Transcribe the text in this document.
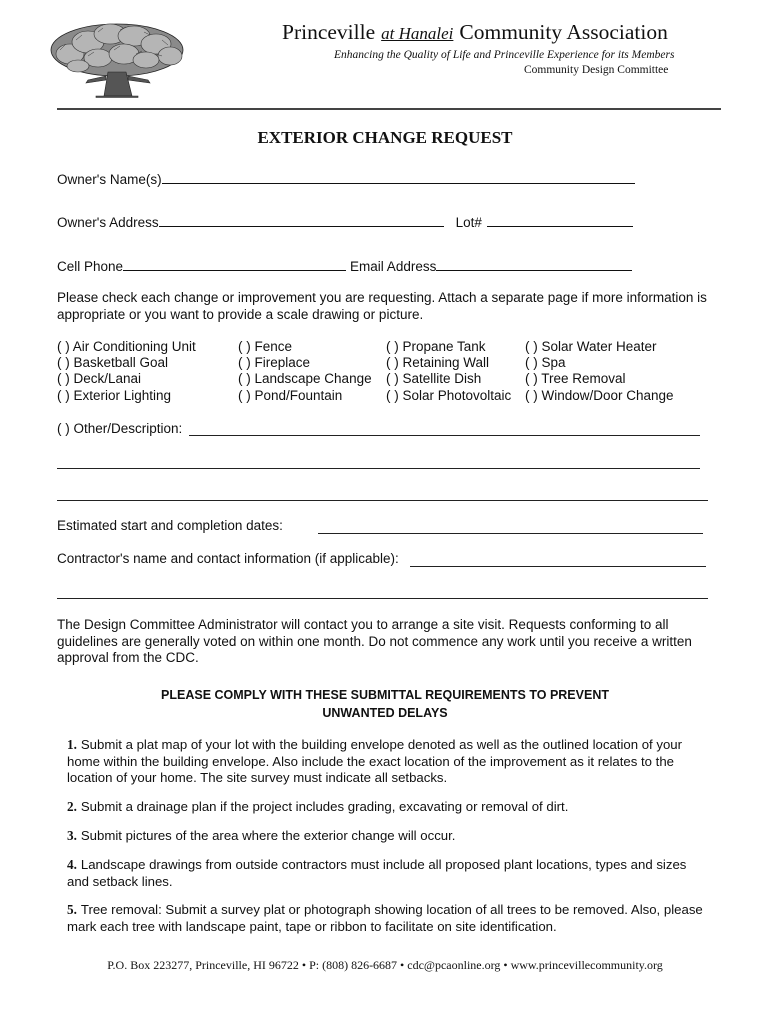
Princeville at Hanalei Community Association
Enhancing the Quality of Life and Princeville Experience for its Members
Community Design Committee
EXTERIOR CHANGE REQUEST
Owner's Name(s)
Owner's Address	Lot#
Cell Phone	Email Address
Please check each change or improvement you are requesting. Attach a separate page if more information is appropriate or you want to provide a scale drawing or picture.
( ) Air Conditioning Unit
( ) Basketball Goal
( ) Deck/Lanai
( ) Exterior Lighting
( ) Fence
( ) Fireplace
( ) Landscape Change
( ) Pond/Fountain
( ) Propane Tank
( ) Retaining Wall
( ) Satellite Dish
( ) Solar Photovoltaic
( ) Solar Water Heater
( ) Spa
( ) Tree Removal
( ) Window/Door Change
( ) Other/Description:
Estimated start and completion dates:
Contractor's name and contact information (if applicable):
The Design Committee Administrator will contact you to arrange a site visit. Requests conforming to all guidelines are generally voted on within one month. Do not commence any work until you receive a written approval from the CDC.
PLEASE COMPLY WITH THESE SUBMITTAL REQUIREMENTS TO PREVENT
UNWANTED DELAYS
1. Submit a plat map of your lot with the building envelope denoted as well as the outlined location of your home within the building envelope. Also include the exact location of the improvement as it relates to the location of your home. The site survey must indicate all setbacks.
2. Submit a drainage plan if the project includes grading, excavating or removal of dirt.
3. Submit pictures of the area where the exterior change will occur.
4. Landscape drawings from outside contractors must include all proposed plant locations, types and sizes and setback lines.
5. Tree removal: Submit a survey plat or photograph showing location of all trees to be removed. Also, please mark each tree with landscape paint, tape or ribbon to facilitate on site identification.
P.O. Box 223277, Princeville, HI 96722 • P: (808) 826-6687 • cdc@pcaonline.org • www.princevillecommunity.org
